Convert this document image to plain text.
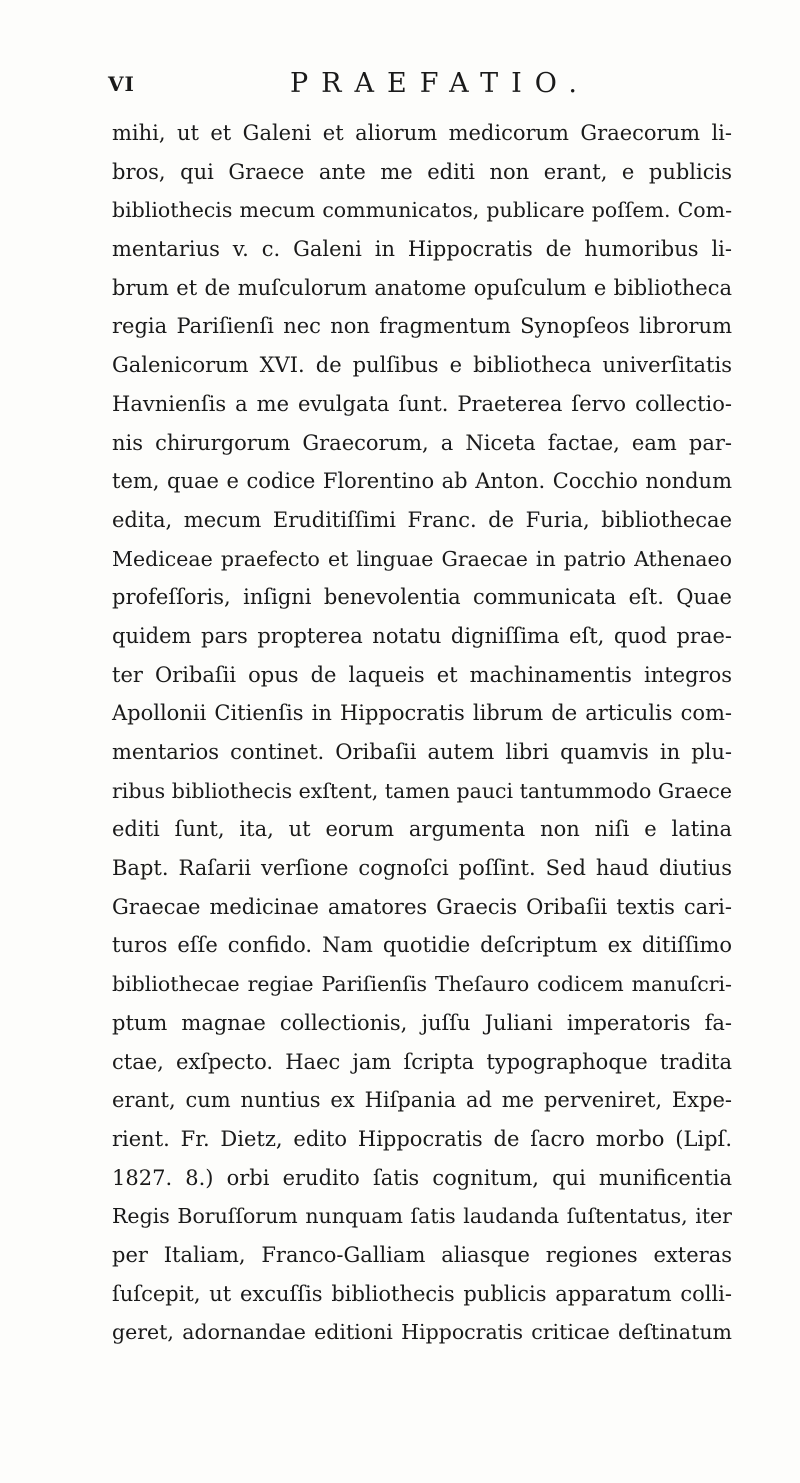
VI	PRAEFATIO.
mihi, ut et Galeni et aliorum medicorum Graecorum li-
bros, qui Graece ante me editi non erant, e publicis
bibliothecis mecum communicatos, publicare poſſem. Com-
mentarius v. c. Galeni in Hippocratis de humoribus li-
brum et de muſculorum anatome opuſculum e bibliotheca
regia Pariſienſi nec non fragmentum Synopſeos librorum
Galenicorum XVI. de pulſibus e bibliotheca univerſitatis
Havnienſis a me evulgata ſunt. Praeterea ſervo collectio-
nis chirurgorum Graecorum, a Niceta factae, eam par-
tem, quae e codice Florentino ab Anton. Cocchio nondum
edita, mecum Eruditiſſimi Franc. de Furia, bibliothecae
Mediceae praefecto et linguae Graecae in patrio Athenaeo
profeſſoris, inſigni benevolentia communicata eſt. Quae
quidem pars propterea notatu digniſſima eſt, quod prae-
ter Oribaſii opus de laqueis et machinamentis integros
Apollonii Citienſis in Hippocratis librum de articulis com-
mentarios continet. Oribaſii autem libri quamvis in plu-
ribus bibliothecis exſtent, tamen pauci tantummodo Graece
editi ſunt, ita, ut eorum argumenta non niſi e latina
Bapt. Raſarii verſione cognoſci poſſint. Sed haud diutius
Graecae medicinae amatores Graecis Oribaſii textis cari-
turos eſſe confido. Nam quotidie deſcriptum ex ditiſſimo
bibliothecae regiae Pariſienſis Theſauro codicem manuſcri-
ptum magnae collectionis, juſſu Juliani imperatoris fa-
ctae, exſpecto. Haec jam ſcripta typographoque tradita
erant, cum nuntius ex Hiſpania ad me perveniret, Expe-
rient. Fr. Dietz, edito Hippocratis de ſacro morbo (Lipſ.
1827. 8.) orbi erudito ſatis cognitum, qui munificentia
Regis Boruſſorum nunquam ſatis laudanda ſuſtentatus, iter
per Italiam, Franco-Galliam aliasque regiones exteras
ſuſcepit, ut excuſſis bibliothecis publicis apparatum colli-
geret, adornandae editioni Hippocratis criticae deſtinatum
